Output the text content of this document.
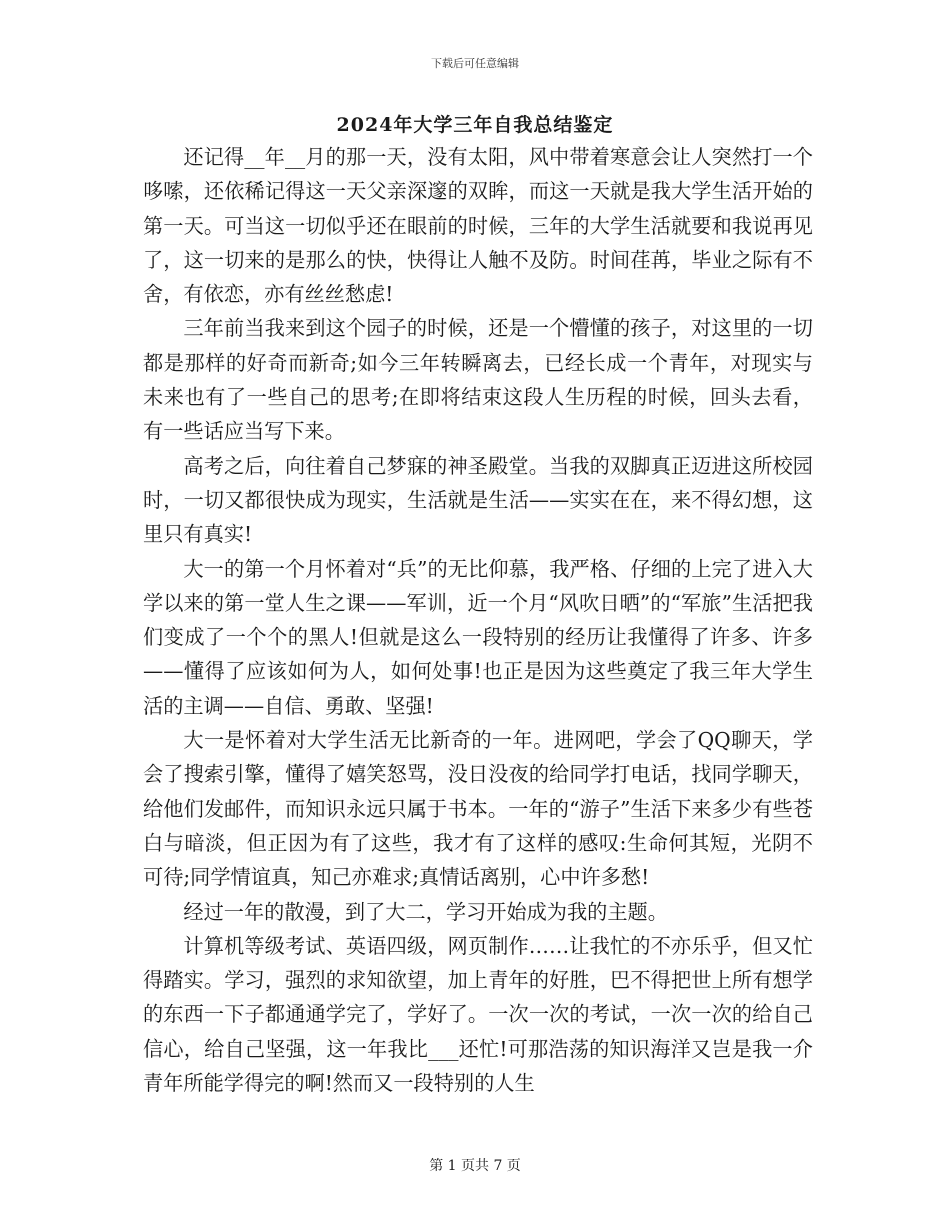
下载后可任意编辑
2024年大学三年自我总结鉴定

还记得__年__月的那一天，没有太阳，风中带着寒意会让人突然打一个哆嗦，还依稀记得这一天父亲深邃的双眸，而这一天就是我大学生活开始的第一天。可当这一切似乎还在眼前的时候，三年的大学生活就要和我说再见了，这一切来的是那么的快，快得让人触不及防。时间荏苒，毕业之际有不舍，有依恋，亦有丝丝愁虑!

三年前当我来到这个园子的时候，还是一个懵懂的孩子，对这里的一切都是那样的好奇而新奇;如今三年转瞬离去，已经长成一个青年，对现实与未来也有了一些自己的思考;在即将结束这段人生历程的时候，回头去看，有一些话应当写下来。

高考之后，向往着自己梦寐的神圣殿堂。当我的双脚真正迈进这所校园时，一切又都很快成为现实，生活就是生活——实实在在，来不得幻想，这里只有真实!

大一的第一个月怀着对“兵”的无比仰慕，我严格、仔细的上完了进入大学以来的第一堂人生之课——军训，近一个月“风吹日晒”的“军旅”生活把我们变成了一个个的黑人!但就是这么一段特别的经历让我懂得了许多、许多——懂得了应该如何为人，如何处事!也正是因为这些奠定了我三年大学生活的主调——自信、勇敢、坚强!

大一是怀着对大学生活无比新奇的一年。进网吧，学会了QQ聊天，学会了搜索引擎，懂得了嬉笑怒骂，没日没夜的给同学打电话，找同学聊天，给他们发邮件，而知识永远只属于书本。一年的“游子”生活下来多少有些苍白与暗淡，但正因为有了这些，我才有了这样的感叹:生命何其短，光阴不可待;同学情谊真，知己亦难求;真情话离别，心中许多愁!

经过一年的散漫，到了大二，学习开始成为我的主题。

计算机等级考试、英语四级，网页制作……让我忙的不亦乐乎，但又忙得踏实。学习，强烈的求知欲望，加上青年的好胜，巴不得把世上所有想学的东西一下子都通通学完了，学好了。一次一次的考试，一次一次的给自己信心，给自己坚强，这一年我比___还忙!可那浩荡的知识海洋又岂是我一介青年所能学得完的啊!然而又一段特别的人生

第 1 页共 7 页
